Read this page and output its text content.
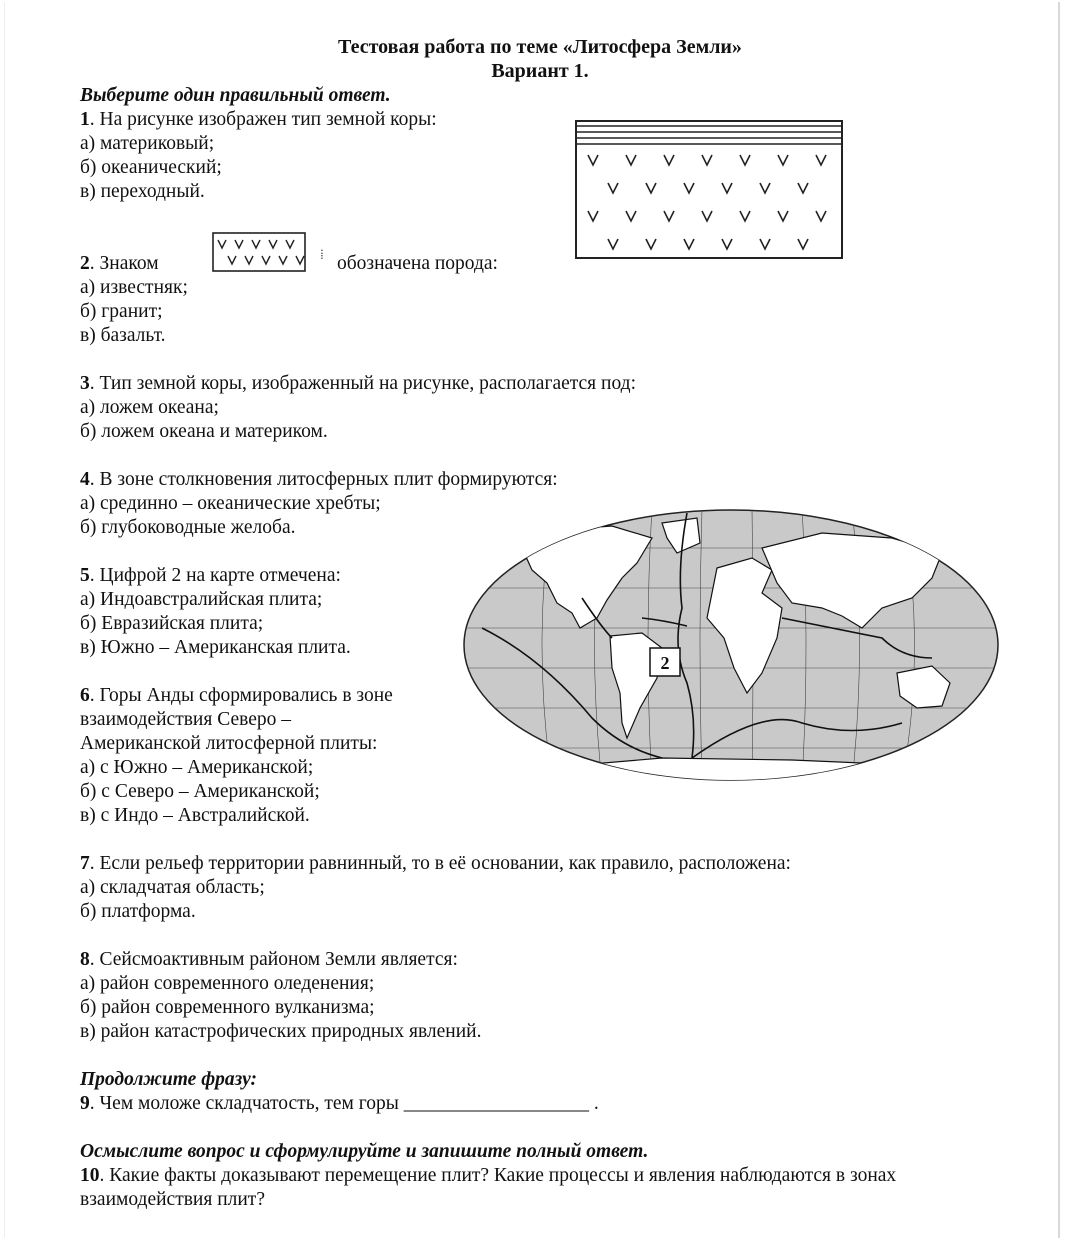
Тестовая работа по теме «Литосфера Земли»
Вариант 1.
Выберите один правильный ответ.
1. На рисунке изображен тип земной коры:
а) материковый;
б) океанический;
в) переходный.
2. Знаком	⁞ обозначена порода:
а) известняк;
б) гранит;
в) базальт.
3. Тип земной коры, изображенный на рисунке, располагается под:
а) ложем океана;
б) ложем океана и материком.
4. В зоне столкновения литосферных плит формируются:
а) срединно – океанические хребты;
б) глубоководные желоба.
5. Цифрой 2 на карте отмечена:
а) Индоавстралийская плита;
б) Евразийская плита;
в) Южно – Американская плита.
2
6. Горы Анды сформировались в зоне
взаимодействия Северо –
Американской литосферной плиты:
а) с Южно – Американской;
б) с Северо – Американской;
в) с Индо – Австралийской.
7. Если рельеф территории равнинный, то в её основании, как правило, расположена:
а) складчатая область;
б) платформа.
8. Сейсмоактивным районом Земли является:
а) район современного оледенения;
б) район современного вулканизма;
в) район катастрофических природных явлений.
Продолжите фразу:
9. Чем моложе складчатость, тем горы ___________________ .
Осмыслите вопрос и сформулируйте и запишите полный ответ.
10. Какие факты доказывают перемещение плит? Какие процессы и явления наблюдаются в зонах
взаимодействия плит?
